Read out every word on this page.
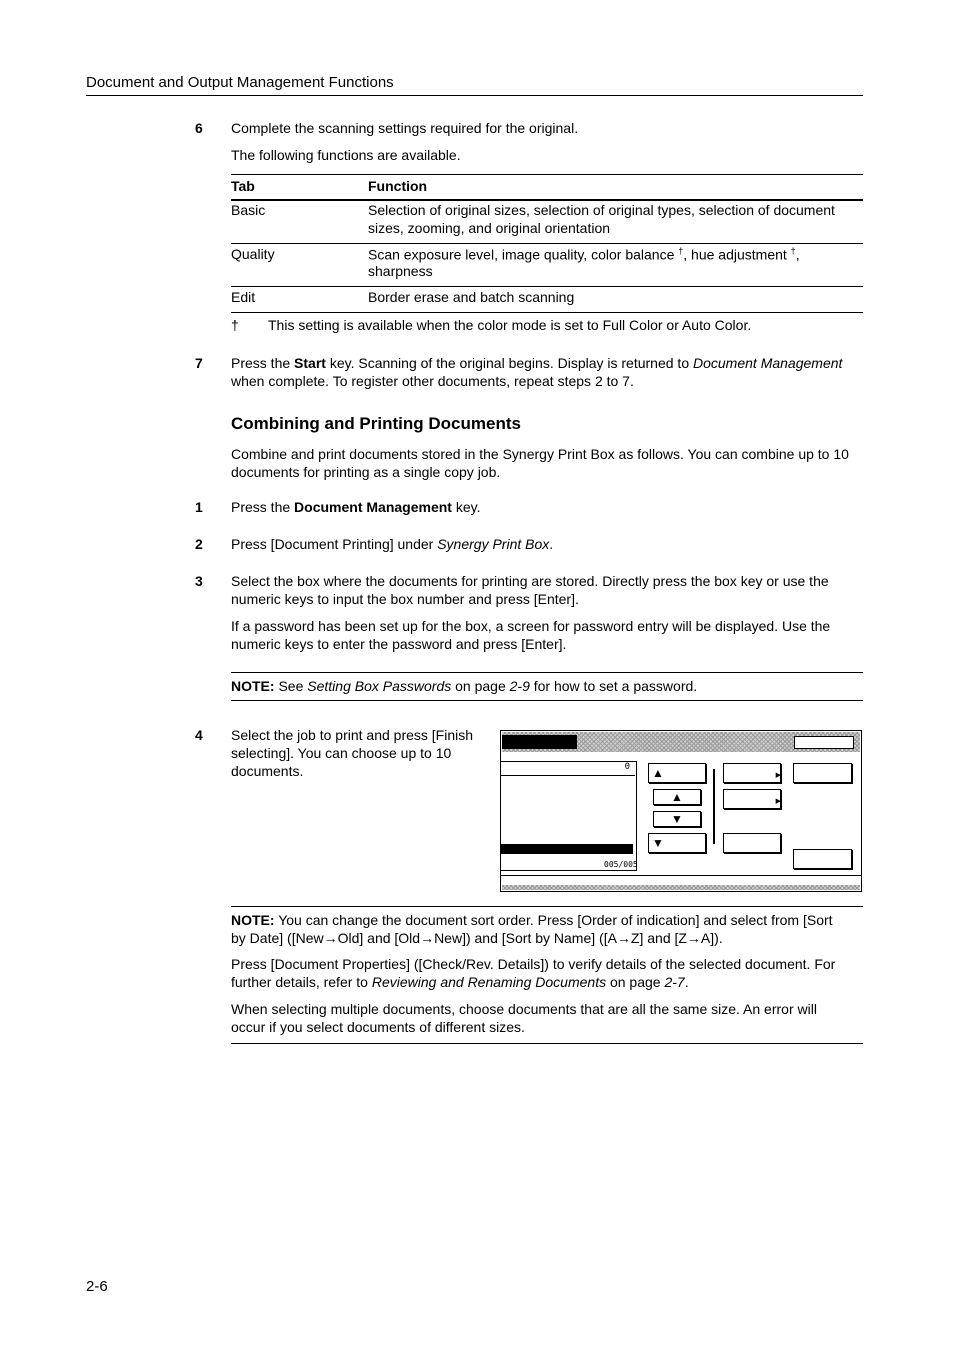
Document and Output Management Functions
6 Complete the scanning settings required for the original.
The following functions are available.
Tab	Function
Basic	Selection of original sizes, selection of original types, selection of document
sizes, zooming, and original orientation
Quality	Scan exposure level, image quality, color balance †, hue adjustment †,
sharpness
Edit	Border erase and batch scanning
† This setting is available when the color mode is set to Full Color or Auto Color.
7 Press the Start key. Scanning of the original begins. Display is returned to Document Management
when complete. To register other documents, repeat steps 2 to 7.
Combining and Printing Documents
Combine and print documents stored in the Synergy Print Box as follows. You can combine up to 10
documents for printing as a single copy job.
1 Press the Document Management key.
2 Press [Document Printing] under Synergy Print Box.
3 Select the box where the documents for printing are stored. Directly press the box key or use the
numeric keys to input the box number and press [Enter].
If a password has been set up for the box, a screen for password entry will be displayed. Use the
numeric keys to enter the password and press [Enter].
NOTE: See Setting Box Passwords on page 2-9 for how to set a password.
4 Select the job to print and press [Finish
selecting]. You can choose up to 10
documents.	0
005/005
▲
▲
▼
▼
▶
▶
NOTE: You can change the document sort order. Press [Order of indication] and select from [Sort
by Date] ([New→Old] and [Old→New]) and [Sort by Name] ([A→Z] and [Z→A]).
Press [Document Properties] ([Check/Rev. Details]) to verify details of the selected document. For
further details, refer to Reviewing and Renaming Documents on page 2-7.
When selecting multiple documents, choose documents that are all the same size. An error will
occur if you select documents of different sizes.
2-6
